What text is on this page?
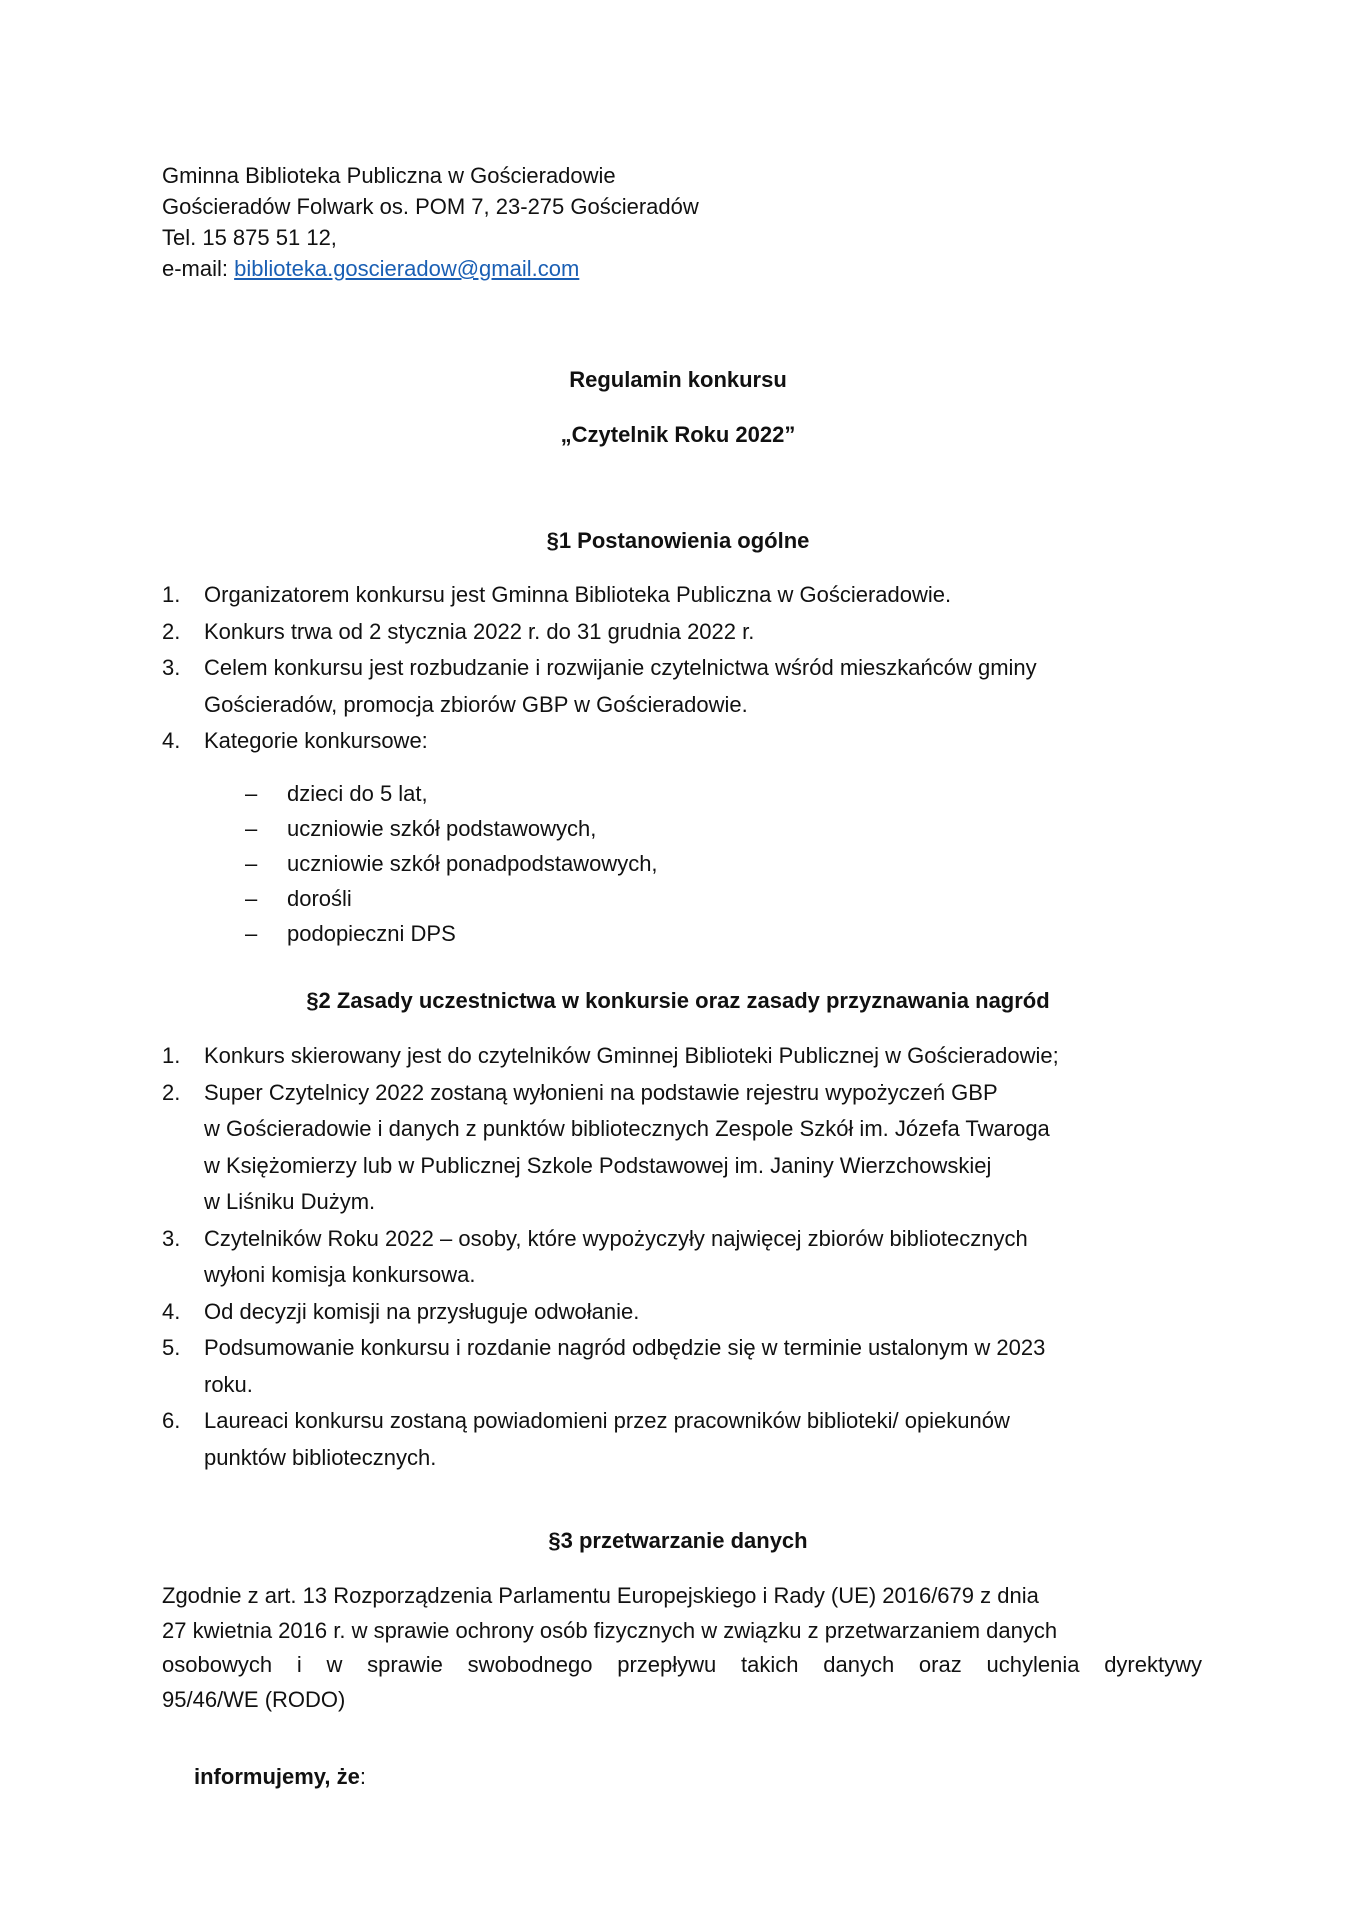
Gminna Biblioteka Publiczna w Gościeradowie
Gościeradów Folwark os. POM 7, 23-275 Gościeradów
Tel. 15 875 51 12,
e-mail: biblioteka.goscieradow@gmail.com
Regulamin konkursu
„Czytelnik Roku 2022”
§1 Postanowienia ogólne
1.	Organizatorem konkursu jest Gminna Biblioteka Publiczna w Gościeradowie.
2.	Konkurs trwa od 2 stycznia 2022 r. do 31 grudnia 2022 r.
3.	Celem konkursu jest rozbudzanie i rozwijanie czytelnictwa wśród mieszkańców gminy
Gościeradów, promocja zbiorów GBP w Gościeradowie.
4.	Kategorie konkursowe:
–	dzieci do 5 lat,
–	uczniowie szkół podstawowych,
–	uczniowie szkół ponadpodstawowych,
–	dorośli
–	podopieczni DPS
§2 Zasady uczestnictwa w konkursie oraz zasady przyznawania nagród
1.	Konkurs skierowany jest do czytelników Gminnej Biblioteki Publicznej w Gościeradowie;
2.	Super Czytelnicy 2022 zostaną wyłonieni na podstawie rejestru wypożyczeń GBP
w Gościeradowie i danych z punktów bibliotecznych Zespole Szkół im. Józefa Twaroga
w Księżomierzy lub w Publicznej Szkole Podstawowej im. Janiny Wierzchowskiej
w Liśniku Dużym.
3.	Czytelników Roku 2022 – osoby, które wypożyczyły najwięcej zbiorów bibliotecznych
wyłoni komisja konkursowa.
4.	Od decyzji komisji na przysługuje odwołanie.
5.	Podsumowanie konkursu i rozdanie nagród odbędzie się w terminie ustalonym w 2023
roku.
6.	Laureaci konkursu zostaną powiadomieni przez pracowników biblioteki/ opiekunów
punktów bibliotecznych.
§3 przetwarzanie danych
Zgodnie z art. 13 Rozporządzenia Parlamentu Europejskiego i Rady (UE) 2016/679 z dnia
27 kwietnia 2016 r. w sprawie ochrony osób fizycznych w związku z przetwarzaniem danych
osobowych i w sprawie swobodnego przepływu takich danych oraz uchylenia dyrektywy
95/46/WE (RODO)
informujemy, że:
